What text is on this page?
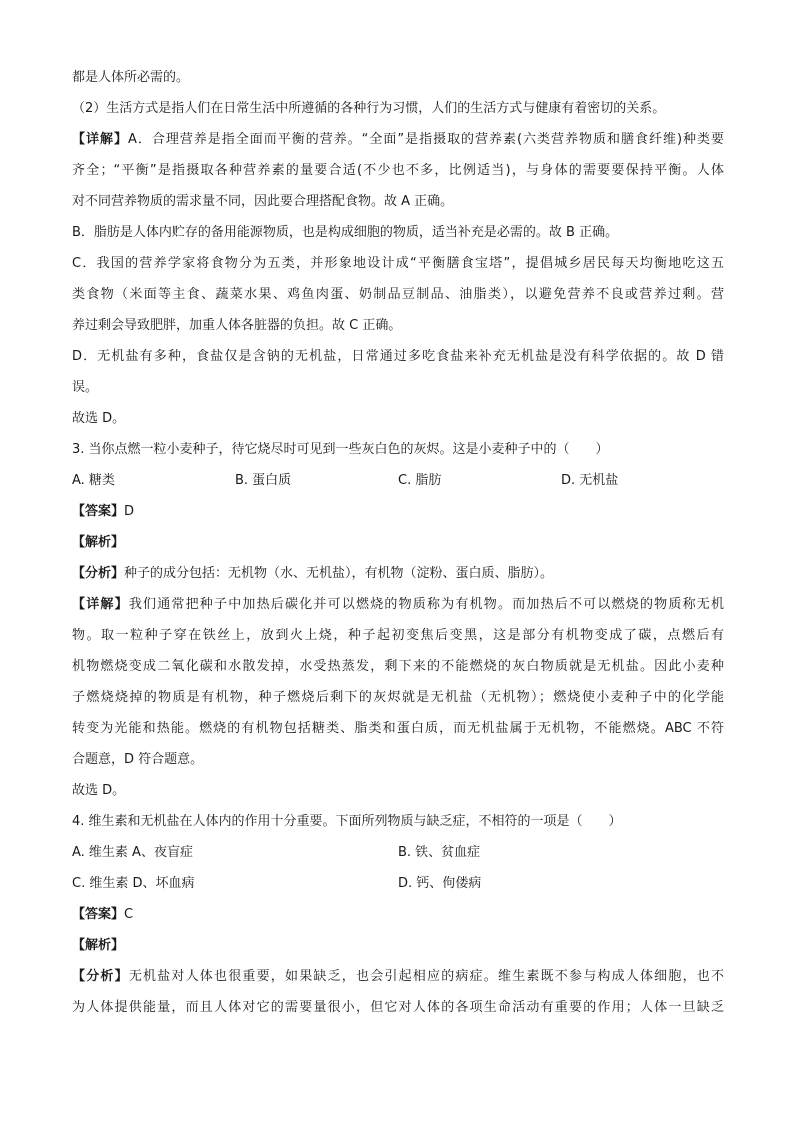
都是人体所必需的。
（2）生活方式是指人们在日常生活中所遵循的各种行为习惯，人们的生活方式与健康有着密切的关系。
【详解】A．合理营养是指全面而平衡的营养。“全面”是指摄取的营养素(六类营养物质和膳食纤维)种类要
齐全；“平衡”是指摄取各种营养素的量要合适(不少也不多，比例适当)，与身体的需要要保持平衡。人体
对不同营养物质的需求量不同，因此要合理搭配食物。故 A 正确。
B．脂肪是人体内贮存的备用能源物质，也是构成细胞的物质，适当补充是必需的。故 B 正确。
C．我国的营养学家将食物分为五类，并形象地设计成“平衡膳食宝塔”，提倡城乡居民每天均衡地吃这五
类食物（米面等主食、蔬菜水果、鸡鱼肉蛋、奶制品豆制品、油脂类），以避免营养不良或营养过剩。营
养过剩会导致肥胖，加重人体各脏器的负担。故 C 正确。
D．无机盐有多种，食盐仅是含钠的无机盐，日常通过多吃食盐来补充无机盐是没有科学依据的。故 D 错
误。
故选 D。
3. 当你点燃一粒小麦种子，待它烧尽时可见到一些灰白色的灰烬。这是小麦种子中的（　　）
A. 糖类	B. 蛋白质	C. 脂肪	D. 无机盐
【答案】D
【解析】
【分析】种子的成分包括：无机物（水、无机盐），有机物（淀粉、蛋白质、脂肪）。
【详解】我们通常把种子中加热后碳化并可以燃烧的物质称为有机物。而加热后不可以燃烧的物质称无机
物。取一粒种子穿在铁丝上，放到火上烧，种子起初变焦后变黑，这是部分有机物变成了碳，点燃后有
机物燃烧变成二氧化碳和水散发掉，水受热蒸发，剩下来的不能燃烧的灰白物质就是无机盐。因此小麦种
子燃烧烧掉的物质是有机物，种子燃烧后剩下的灰烬就是无机盐（无机物）；燃烧使小麦种子中的化学能
转变为光能和热能。燃烧的有机物包括糖类、脂类和蛋白质，而无机盐属于无机物，不能燃烧。ABC 不符
合题意，D 符合题意。
故选 D。
4. 维生素和无机盐在人体内的作用十分重要。下面所列物质与缺乏症，不相符的一项是（　　）
A. 维生素 A、夜盲症	B. 铁、贫血症
C. 维生素 D、坏血病	D. 钙、佝偻病
【答案】C
【解析】
【分析】无机盐对人体也很重要，如果缺乏，也会引起相应的病症。维生素既不参与构成人体细胞，也不
为人体提供能量，而且人体对它的需要量很小，但它对人体的各项生命活动有重要的作用；人体一旦缺乏
